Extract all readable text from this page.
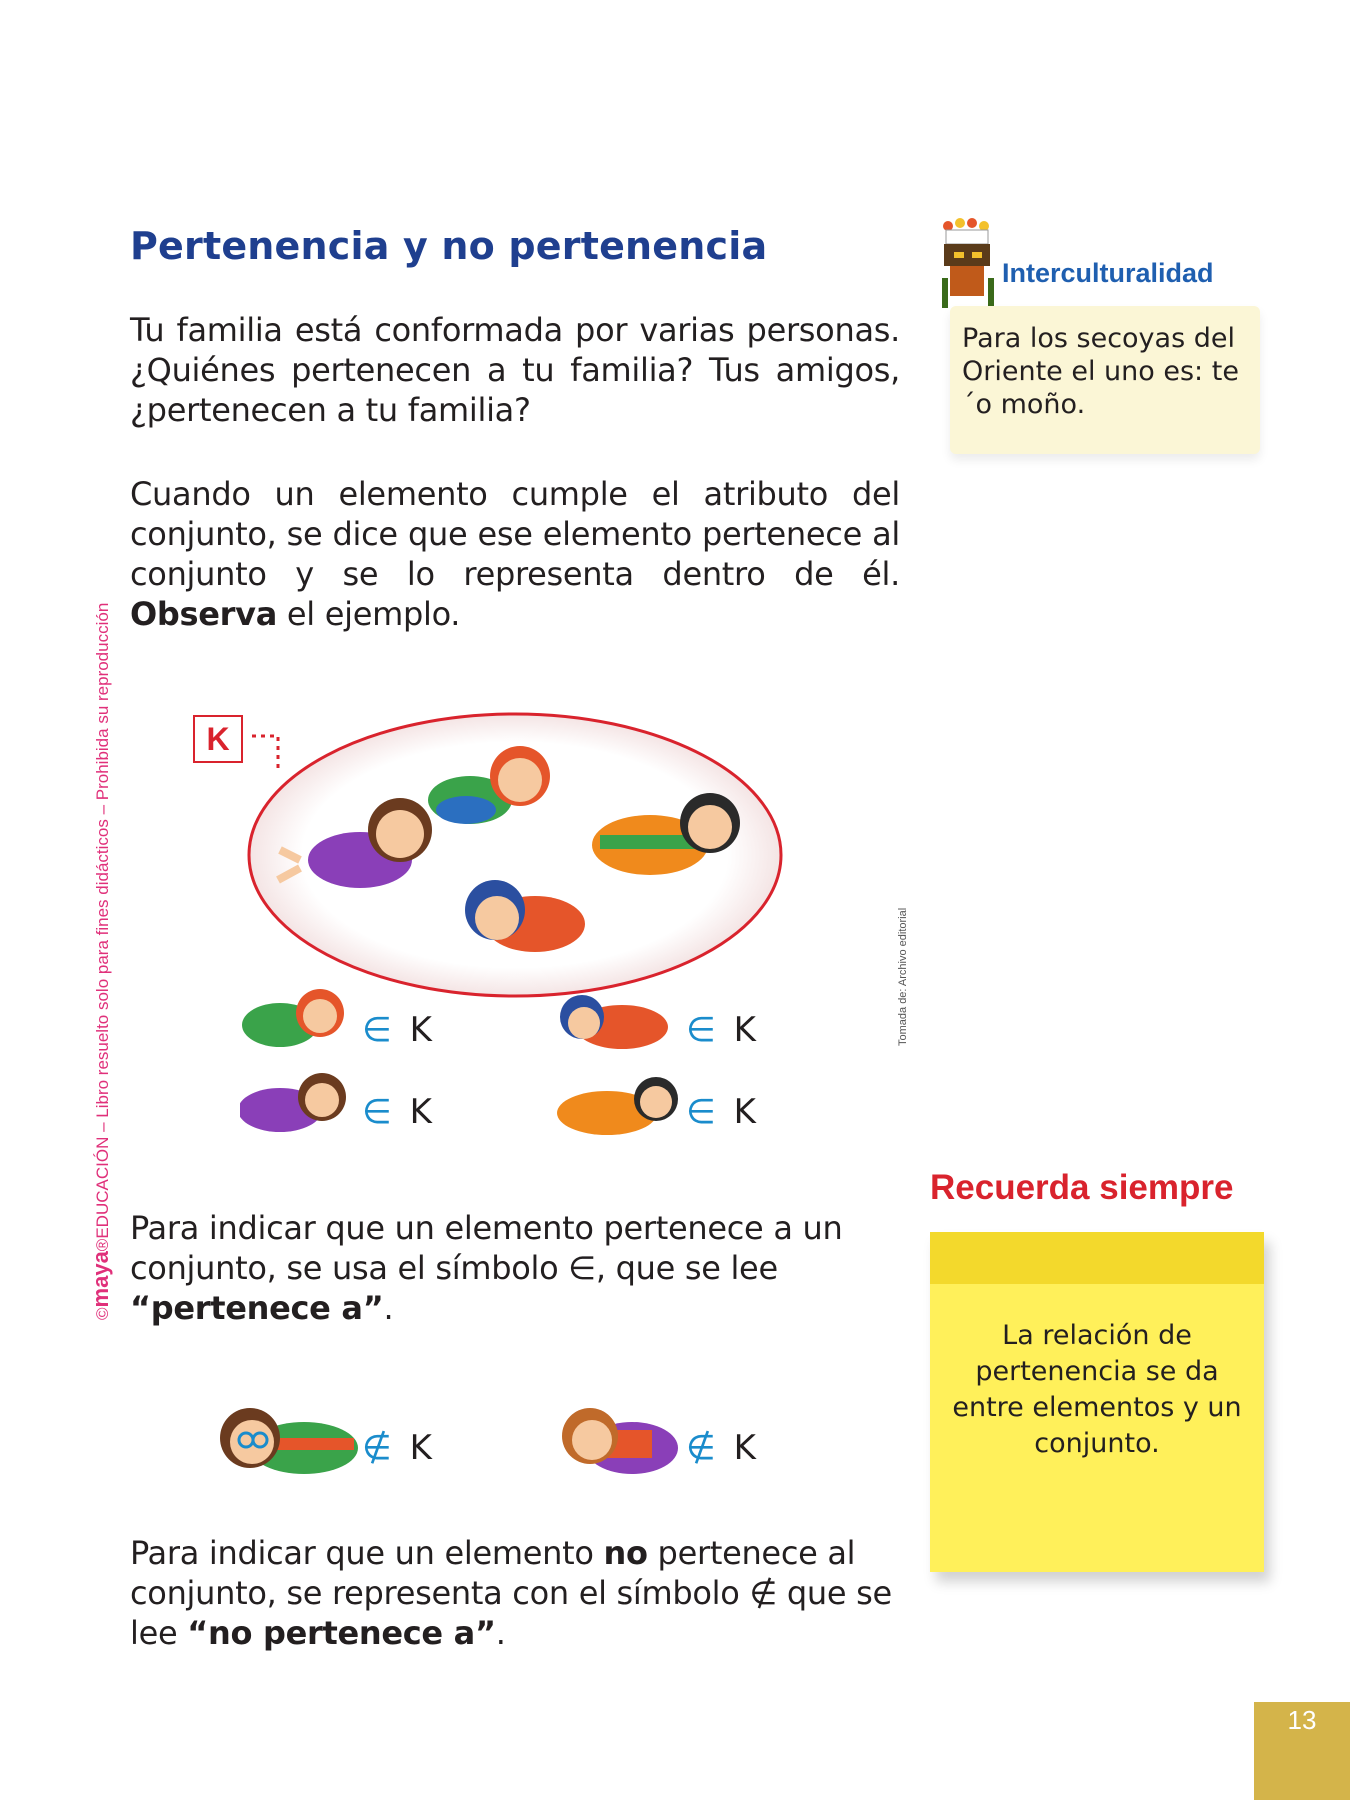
©maya®EDUCACIÓN – Libro resuelto solo para fines didácticos – Prohibida su reproducción
Pertenencia y no pertenencia

Tu familia está conformada por varias personas. ¿Quiénes pertenecen a tu familia? Tus amigos, ¿pertenecen a tu familia?

Cuando un elemento cumple el atributo del conjunto, se dice que ese elemento pertenece al conjunto y se lo representa dentro de él. Observa el ejemplo.

K
∈ K	∈ K
∈ K	∈ K
Tomada de: Archivo editorial

Para indicar que un elemento pertenece a un conjunto, se usa el símbolo ∈, que se lee “pertenece a”.

∉ K	∉ K

Para indicar que un elemento no pertenece al conjunto, se representa con el símbolo ∉ que se lee “no pertenece a”.

Interculturalidad

Para los secoyas del Oriente el uno es: te´o moño.

Recuerda siempre

La relación de pertenencia se da entre elementos y un conjunto.

13
